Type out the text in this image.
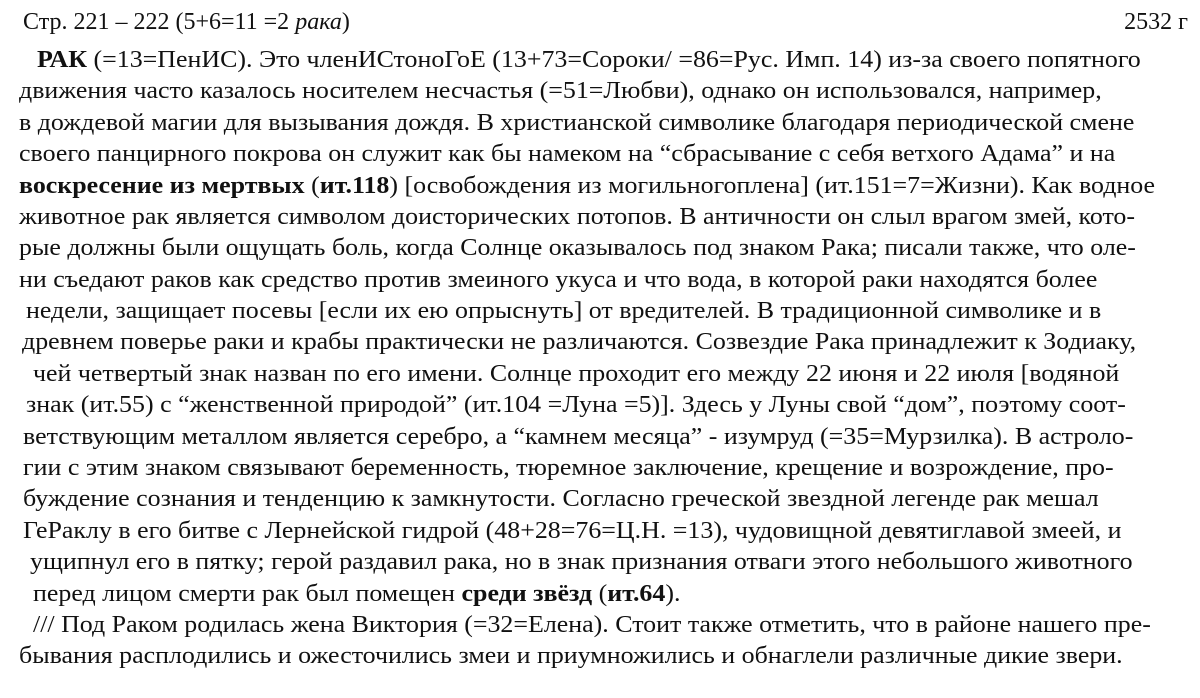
Стр. 221 – 222 (5+6=11 =2 рака)	2532 г
РАК (=13=ПенИС). Это членИСтоноГоЕ (13+73=Сороки/ =86=Рус. Имп. 14) из-за своего попятного
движения часто казалось носителем несчастья (=51=Любви), однако он использовался, например,
в дождевой магии для вызывания дождя. В христианской символике благодаря периодической смене
своего панцирного покрова он служит как бы намеком на “сбрасывание с себя ветхого Адама” и на
воскресение из мертвых (ит.118) [освобождения из могильногоплена] (ит.151=7=Жизни). Как водное
животное рак является символом доисторических потопов. В античности он слыл врагом змей, кото-
рые должны были ощущать боль, когда Солнце оказывалось под знаком Рака; писали также, что оле-
ни съедают раков как средство против змеиного укуса и что вода, в которой раки находятся более
недели, защищает посевы [если их ею опрыснуть] от вредителей. В традиционной символике и в
древнем поверье раки и крабы практически не различаются. Созвездие Рака принадлежит к Зодиаку,
чей четвертый знак назван по его имени. Солнце проходит его между 22 июня и 22 июля [водяной
знак (ит.55) с “женственной природой” (ит.104 =Луна =5)]. Здесь у Луны свой “дом”, поэтому соот-
ветствующим металлом является серебро, а “камнем месяца” - изумруд (=35=Мурзилка). В астроло-
гии с этим знаком связывают беременность, тюремное заключение, крещение и возрождение, про-
буждение сознания и тенденцию к замкнутости. Согласно греческой звездной легенде рак мешал
ГеРаклу в его битве с Лернейской гидрой (48+28=76=Ц.Н. =13), чудовищной девятиглавой змеей, и
ущипнул его в пятку; герой раздавил рака, но в знак признания отваги этого небольшого животного
перед лицом смерти рак был помещен среди звёзд (ит.64).
/// Под Раком родилась жена Виктория (=32=Елена). Стоит также отметить, что в районе нашего пре-
бывания расплодились и ожесточились змеи и приумножились и обнаглели различные дикие звери.
